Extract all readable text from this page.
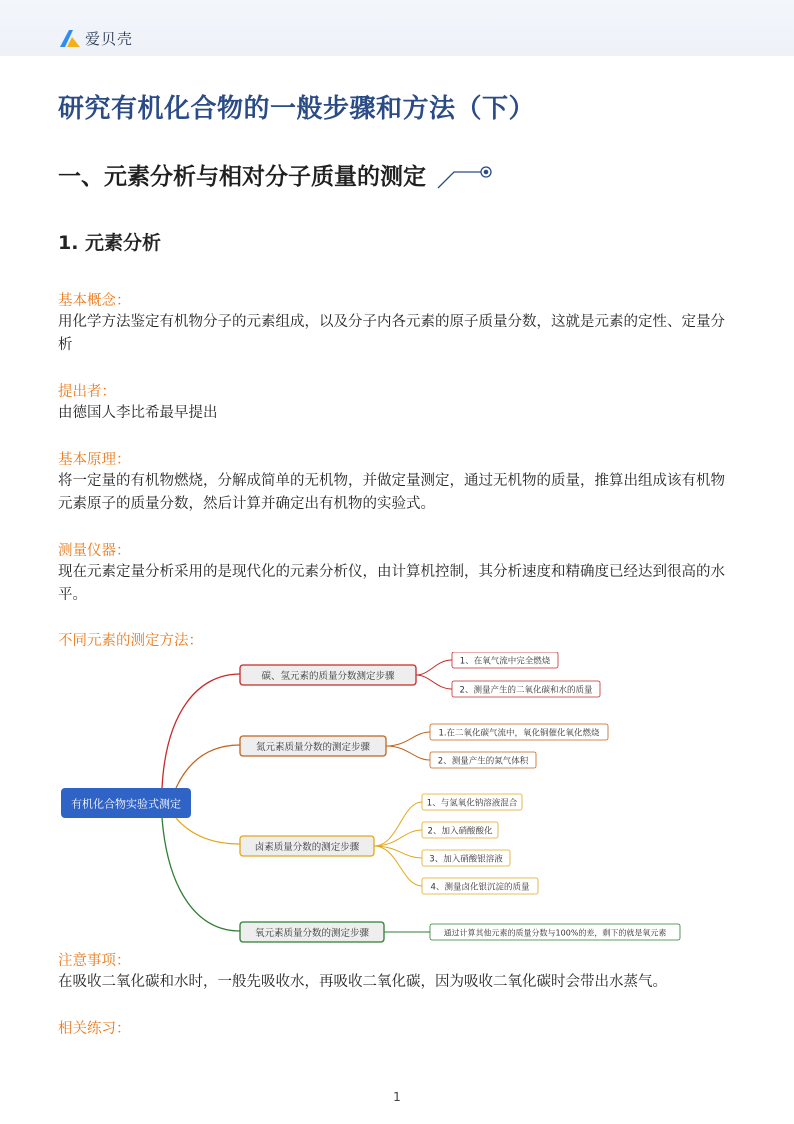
爱贝壳
研究有机化合物的一般步骤和方法（下）
一、元素分析与相对分子质量的测定
1. 元素分析

基本概念：

用化学方法鉴定有机物分子的元素组成，以及分子内各元素的原子质量分数，这就是元素的定性、定量分析

提出者：

由德国人李比希最早提出

基本原理：

将一定量的有机物燃烧，分解成简单的无机物，并做定量测定，通过无机物的质量，推算出组成该有机物元素原子的质量分数，然后计算并确定出有机物的实验式。

测量仪器：

现在元素定量分析采用的是现代化的元素分析仪，由计算机控制，其分析速度和精确度已经达到很高的水平。

不同元素的测定方法：

有机化合物实验式测定
碳、氢元素的质量分数测定步骤
1、在氧气流中完全燃烧
2、测量产生的二氧化碳和水的质量
氮元素质量分数的测定步骤
1.在二氧化碳气流中，氧化铜催化氧化燃烧
2、测量产生的氮气体积
卤素质量分数的测定步骤
1、与氢氧化钠溶液混合
2、加入硝酸酸化
3、加入硝酸银溶液
4、测量卤化银沉淀的质量
氧元素质量分数的测定步骤	通过计算其他元素的质量分数与100%的差，剩下的就是氧元素

注意事项：

在吸收二氧化碳和水时，一般先吸收水，再吸收二氧化碳，因为吸收二氧化碳时会带出水蒸气。

相关练习：

1
